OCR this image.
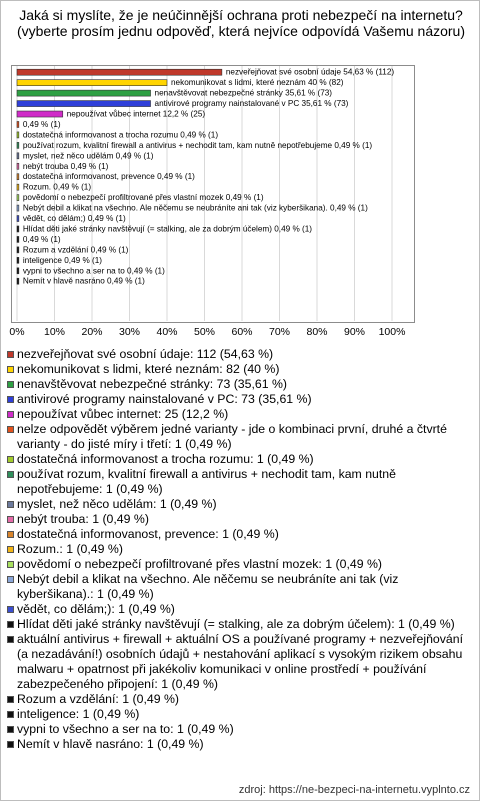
Jaká si myslíte, že je neúčinnější ochrana proti nebezpečí na internetu? (vyberte prosím jednu odpověď, která nejvíce odpovídá Vašemu názoru)
0% 10% 20% 30% 40% 50% 60% 70% 80% 90% 100%
nezveřejňovat své osobní údaje 54,63 % (112)
nekomunikovat s lidmi, které neznám 40 % (82)
nenavštěvovat nebezpečné stránky 35,61 % (73)
antivirové programy nainstalované v PC 35,61 % (73)
nepoužívat vůbec internet 12,2 % (25)
0,49 % (1)
dostatečná informovanost a trocha rozumu 0,49 % (1)
používat rozum, kvalitní firewall a antivirus + nechodit tam, kam nutně nepotřebujeme 0,49 % (1)
myslet, než něco udělám 0,49 % (1)
nebýt trouba 0,49 % (1)
dostatečná informovanost, prevence 0,49 % (1)
Rozum. 0,49 % (1)
povědomí o nebezpečí profiltrované přes vlastní mozek 0,49 % (1)
Nebýt debil a klikat na všechno. Ale něčemu se neubráníte ani tak (viz kyberšikana). 0,49 % (1)
vědět, co dělám;) 0,49 % (1)
Hlídat děti jaké stránky navštěvují (= stalking, ale za dobrým účelem) 0,49 % (1)
0,49 % (1)
Rozum a vzdělání 0,49 % (1)
inteligence 0,49 % (1)
vypni to všechno a ser na to 0,49 % (1)
Nemít v hlavě nasráno 0,49 % (1)
nezveřejňovat své osobní údaje: 112 (54,63 %)
nekomunikovat s lidmi, které neznám: 82 (40 %)
nenavštěvovat nebezpečné stránky: 73 (35,61 %)
antivirové programy nainstalované v PC: 73 (35,61 %)
nepoužívat vůbec internet: 25 (12,2 %)
nelze odpovědět výběrem jedné varianty - jde o kombinaci první, druhé a čtvrté varianty - do jisté míry i třetí: 1 (0,49 %)
dostatečná informovanost a trocha rozumu: 1 (0,49 %)
používat rozum, kvalitní firewall a antivirus + nechodit tam, kam nutně nepotřebujeme: 1 (0,49 %)
myslet, než něco udělám: 1 (0,49 %)
nebýt trouba: 1 (0,49 %)
dostatečná informovanost, prevence: 1 (0,49 %)
Rozum.: 1 (0,49 %)
povědomí o nebezpečí profiltrované přes vlastní mozek: 1 (0,49 %)
Nebýt debil a klikat na všechno. Ale něčemu se neubráníte ani tak (viz kyberšikana).: 1 (0,49 %)
vědět, co dělám;): 1 (0,49 %)
Hlídat děti jaké stránky navštěvují (= stalking, ale za dobrým účelem): 1 (0,49 %)
aktuální antivirus + firewall + aktuální OS a používané programy + nezveřejňování (a nezadávání!) osobních údajů + nestahování aplikací s vysokým rizikem obsahu malwaru + opatrnost při jakékoliv komunikaci v online prostředí + používání zabezpečeného připojení: 1 (0,49 %)
Rozum a vzdělání: 1 (0,49 %)
inteligence: 1 (0,49 %)
vypni to všechno a ser na to: 1 (0,49 %)
Nemít v hlavě nasráno: 1 (0,49 %)
zdroj: https://ne-bezpeci-na-internetu.vyplnto.cz
